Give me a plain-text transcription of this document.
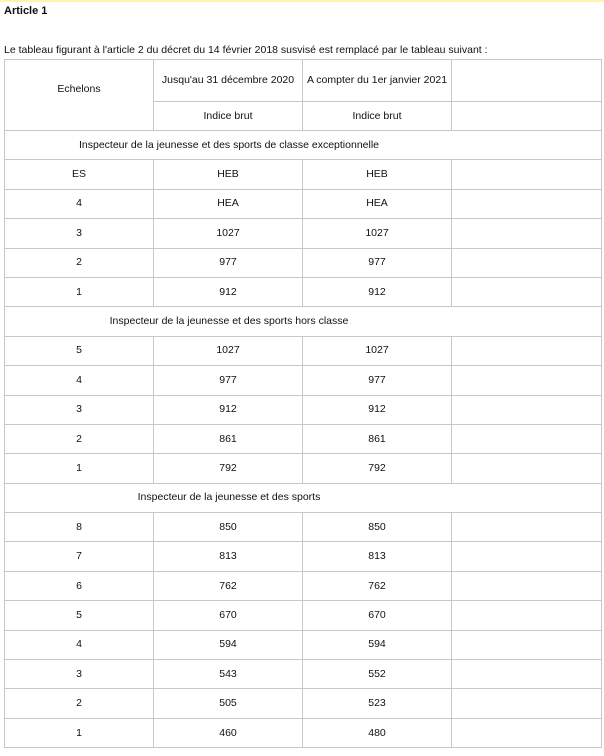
Article 1
Le tableau figurant à l'article 2 du décret du 14 février 2018 susvisé est remplacé par le tableau suivant :
Echelons	Jusqu'au 31 décembre 2020	A compter du 1er janvier 2021	
	Indice brut	Indice brut	
Inspecteur de la jeunesse et des sports de classe exceptionnelle			
ES	HEB	HEB	
4	HEA	HEA	
3	1027	1027	
2	977	977	
1	912	912	
Inspecteur de la jeunesse et des sports hors classe			
5	1027	1027	
4	977	977	
3	912	912	
2	861	861	
1	792	792	
Inspecteur de la jeunesse et des sports			
8	850	850	
7	813	813	
6	762	762	
5	670	670	
4	594	594	
3	543	552	
2	505	523	
1	460	480	
